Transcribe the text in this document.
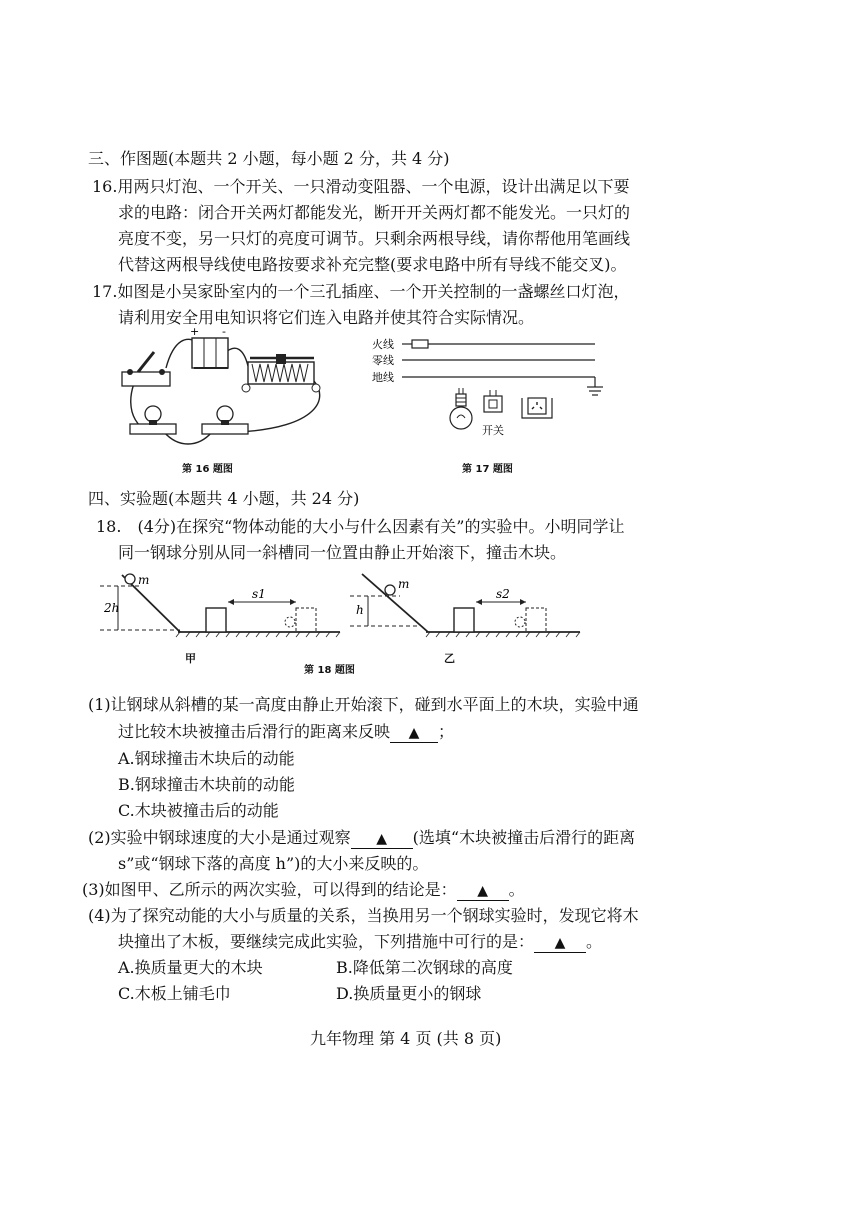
三、作图题(本题共 2 小题，每小题 2 分，共 4 分)
16.用两只灯泡、一个开关、一只滑动变阻器、一个电源，设计出满足以下要
求的电路：闭合开关两灯都能发光，断开开关两灯都不能发光。一只灯的
亮度不变，另一只灯的亮度可调节。只剩余两根导线，请你帮他用笔画线
代替这两根导线使电路按要求补充完整(要求电路中所有导线不能交叉)。
17.如图是小吴家卧室内的一个三孔插座、一个开关控制的一盏螺丝口灯泡，
请利用安全用电知识将它们连入电路并使其符合实际情况。
+ -
第 16 题图
火线
零线
地线
开关
第 17 题图
四、实验题(本题共 4 小题，共 24 分)
18.　(4分)在探究“物体动能的大小与什么因素有关”的实验中。小明同学让
同一钢球分别从同一斜槽同一位置由静止开始滚下，撞击木块。
m
2h
s1
m
h
s2
甲
第 18 题图
乙
(1)让钢球从斜槽的某一高度由静止开始滚下，碰到水平面上的木块，实验中通
过比较木块被撞击后滑行的距离来反映 ▲ ；
A.钢球撞击木块后的动能
B.钢球撞击木块前的动能
C.木块被撞击后的动能
(2)实验中钢球速度的大小是通过观察 ▲ (选填“木块被撞击后滑行的距离
s”或“钢球下落的高度 h”)的大小来反映的。
(3)如图甲、乙所示的两次实验，可以得到的结论是： ▲ 。
(4)为了探究动能的大小与质量的关系，当换用另一个钢球实验时，发现它将木
块撞出了木板，要继续完成此实验，下列措施中可行的是： ▲ 。
A.换质量更大的木块	B.降低第二次钢球的高度
C.木板上铺毛巾	D.换质量更小的钢球
九年物理 第 4 页 (共 8 页)
